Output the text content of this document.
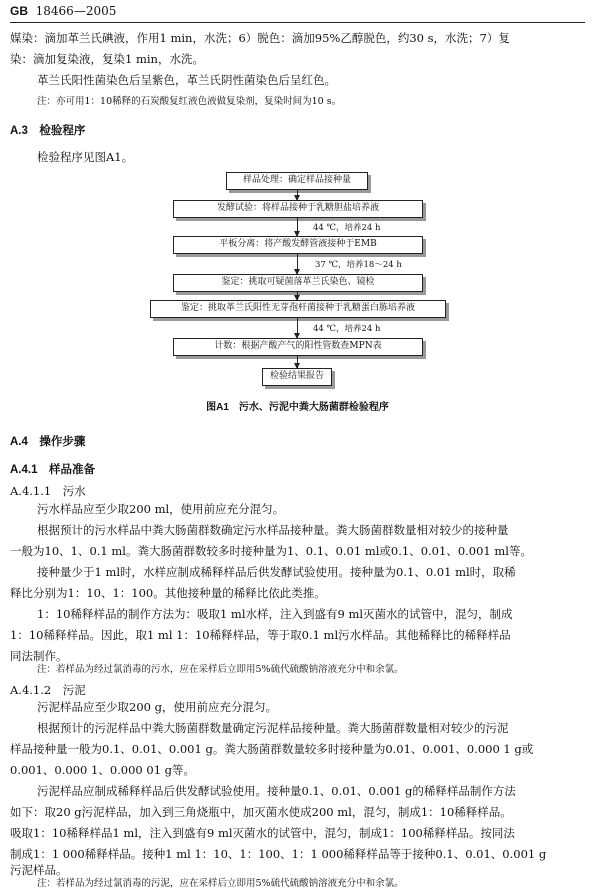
GB 18466—2005
媒染：滴加革兰氏碘液，作用1 min，水洗；6）脱色：滴加95%乙醇脱色，约30 s，水洗；7）复
染：滴加复染液，复染1 min，水洗。
革兰氏阳性菌染色后呈紫色，革兰氏阴性菌染色后呈红色。
注：亦可用1：10稀释的石炭酸复红液色液做复染剂，复染时间为10 s。
A.3　检验程序
检验程序见图A1。
样品处理：确定样品接种量
发酵试验：将样品接种于乳糖胆盐培养液
44 ℃，培养24 h
平板分离：将产酸发酵管液接种于EMB
37 ℃，培养18～24 h
鉴定：挑取可疑菌落革兰氏染色、镜检
鉴定：挑取革兰氏阳性无芽孢杆菌接种于乳糖蛋白胨培养液
44 ℃，培养24 h
计数：根据产酸产气的阳性管数查MPN表
检验结果报告
图A1　污水、污泥中粪大肠菌群检验程序
A.4　操作步骤
A.4.1　样品准备
A.4.1.1　污水
污水样品应至少取200 ml，使用前应充分混匀。
根据预计的污水样品中粪大肠菌群数确定污水样品接种量。粪大肠菌群数量相对较少的接种量
一般为10、1、0.1 ml。粪大肠菌群数较多时接种量为1、0.1、0.01 ml或0.1、0.01、0.001 ml等。
接种量少于1 ml时，水样应制成稀释样品后供发酵试验使用。接种量为0.1、0.01 ml时，取稀
释比分别为1：10、1：100。其他接种量的稀释比依此类推。
1：10稀释样品的制作方法为：吸取1 ml水样，注入到盛有9 ml灭菌水的试管中，混匀，制成
1：10稀释样品。因此，取1 ml 1：10稀释样品，等于取0.1 ml污水样品。其他稀释比的稀释样品
同法制作。
注：若样品为经过氯消毒的污水，应在采样后立即用5%硫代硫酸钠溶液充分中和余氯。
A.4.1.2　污泥
污泥样品应至少取200 g，使用前应充分混匀。
根据预计的污泥样品中粪大肠菌群数量确定污泥样品接种量。粪大肠菌群数量相对较少的污泥
样品接种量一般为0.1、0.01、0.001 g。粪大肠菌群数量较多时接种量为0.01、0.001、0.000 1 g或
0.001、0.000 1、0.000 01 g等。
污泥样品应制成稀释样品后供发酵试验使用。接种量0.1、0.01、0.001 g的稀释样品制作方法
如下：取20 g污泥样品，加入到三角烧瓶中，加灭菌水使成200 ml，混匀，制成1：10稀释样品。
吸取1：10稀释样品1 ml，注入到盛有9 ml灭菌水的试管中，混匀，制成1：100稀释样品。按同法
制成1：1 000稀释样品。接种1 ml 1：10、1：100、1：1 000稀释样品等于接种0.1、0.01、0.001 g
污泥样品。
注：若样品为经过氯消毒的污泥，应在采样后立即用5%硫代硫酸钠溶液充分中和余氯。
